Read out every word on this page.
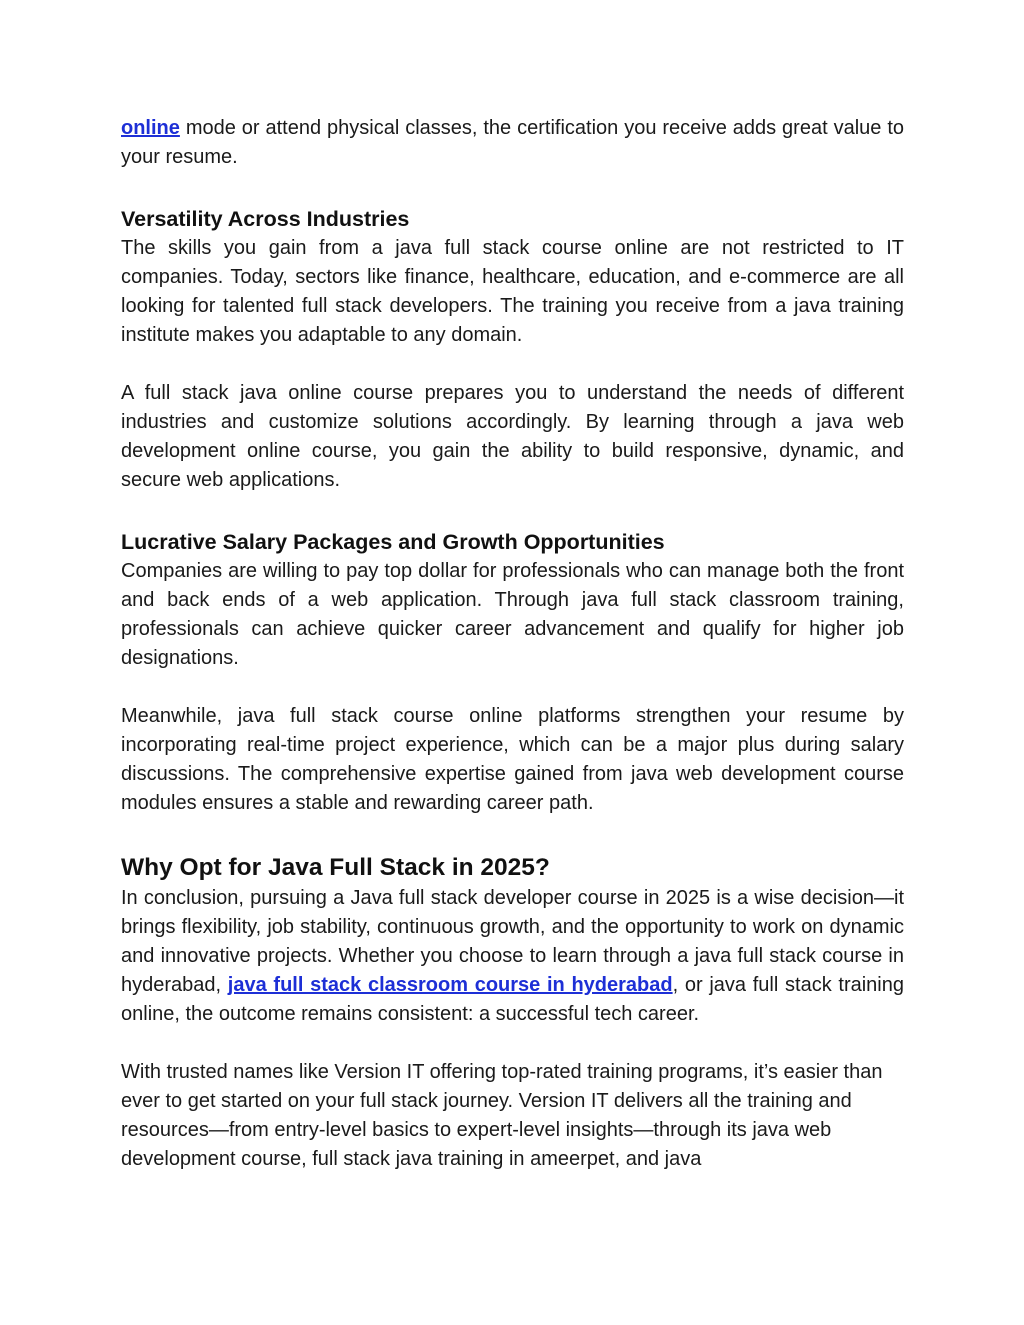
online mode or attend physical classes, the certification you receive adds great value to your resume.

Versatility Across Industries

The skills you gain from a java full stack course online are not restricted to IT companies. Today, sectors like finance, healthcare, education, and e-commerce are all looking for talented full stack developers. The training you receive from a java training institute makes you adaptable to any domain.

A full stack java online course prepares you to understand the needs of different industries and customize solutions accordingly. By learning through a java web development online course, you gain the ability to build responsive, dynamic, and secure web applications.

Lucrative Salary Packages and Growth Opportunities

Companies are willing to pay top dollar for professionals who can manage both the front and back ends of a web application. Through java full stack classroom training, professionals can achieve quicker career advancement and qualify for higher job designations.

Meanwhile, java full stack course online platforms strengthen your resume by incorporating real-time project experience, which can be a major plus during salary discussions. The comprehensive expertise gained from java web development course modules ensures a stable and rewarding career path.

Why Opt for Java Full Stack in 2025?

In conclusion, pursuing a Java full stack developer course in 2025 is a wise decision—it brings flexibility, job stability, continuous growth, and the opportunity to work on dynamic and innovative projects. Whether you choose to learn through a java full stack course in hyderabad, java full stack classroom course in hyderabad, or java full stack training online, the outcome remains consistent: a successful tech career.

With trusted names like Version IT offering top-rated training programs, it’s easier than ever to get started on your full stack journey. Version IT delivers all the training and resources—from entry-level basics to expert-level insights—through its java web development course, full stack java training in ameerpet, and java
